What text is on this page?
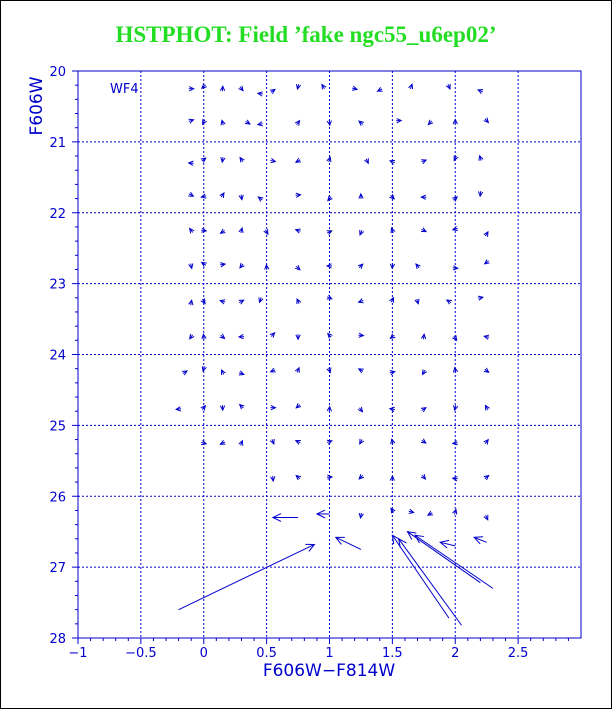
HSTPHOT: Field ’fake ngc55_u6ep02’
−1	−0.5	0	0.5	1	1.5	2	2.5
20
21
22
23
24
25
26
27
28
WF4
F606W−F814W
F606W
